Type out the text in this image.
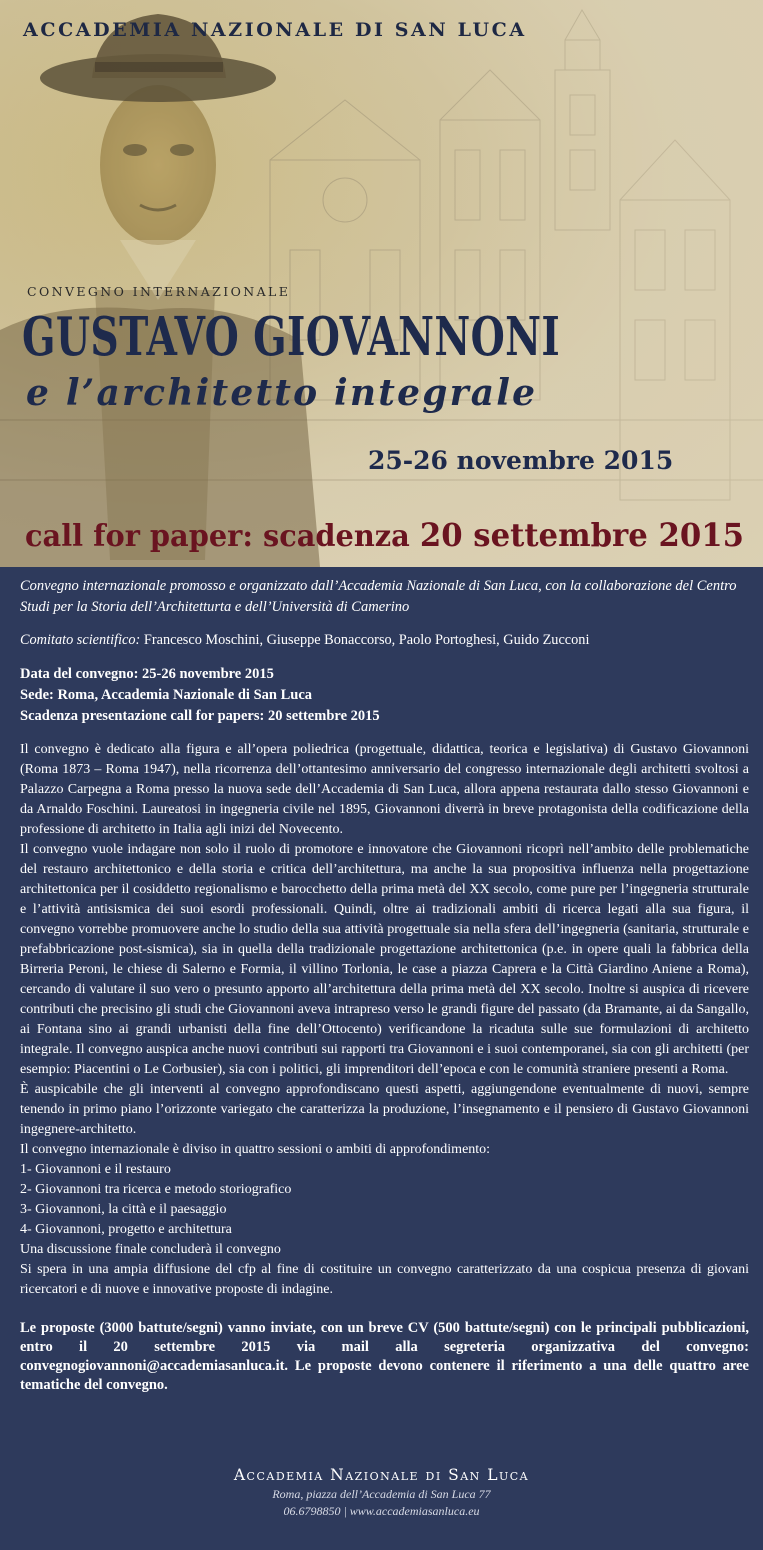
ACCADEMIA NAZIONALE DI SAN LUCA

CONVEGNO INTERNAZIONALE

GUSTAVO GIOVANNONI
e l’architetto integrale

25-26 novembre 2015

call for paper: scadenza 20 settembre 2015

Convegno internazionale promosso e organizzato dall’Accademia Nazionale di San Luca, con la collaborazione del Centro Studi per la Storia dell’Architetturta e dell’Università di Camerino

Comitato scientifico: Francesco Moschini, Giuseppe Bonaccorso, Paolo Portoghesi, Guido Zucconi

Data del convegno: 25-26 novembre 2015
Sede: Roma, Accademia Nazionale di San Luca
Scadenza presentazione call for papers: 20 settembre 2015

Il convegno è dedicato alla figura e all’opera poliedrica (progettuale, didattica, teorica e legislativa) di Gustavo Giovannoni (Roma 1873 – Roma 1947), nella ricorrenza dell’ottantesimo anniversario del congresso internazionale degli architetti svoltosi a Palazzo Carpegna a Roma presso la nuova sede dell’Accademia di San Luca, allora appena restaurata dallo stesso Giovannoni e da Arnaldo Foschini. Laureatosi in ingegneria civile nel 1895, Giovannoni diverrà in breve protagonista della codificazione della professione di architetto in Italia agli inizi del Novecento.

Il convegno vuole indagare non solo il ruolo di promotore e innovatore che Giovannoni ricoprì nell’ambito delle problematiche del restauro architettonico e della storia e critica dell’architettura, ma anche la sua propositiva influenza nella progettazione architettonica per il cosiddetto regionalismo e barocchetto della prima metà del XX secolo, come pure per l’ingegneria strutturale e l’attività antisismica dei suoi esordi professionali. Quindi, oltre ai tradizionali ambiti di ricerca legati alla sua figura, il convegno vorrebbe promuovere anche lo studio della sua attività progettuale sia nella sfera dell’ingegneria (sanitaria, strutturale e prefabbricazione post-sismica), sia in quella della tradizionale progettazione architettonica (p.e. in opere quali la fabbrica della Birreria Peroni, le chiese di Salerno e Formia, il villino Torlonia, le case a piazza Caprera e la Città Giardino Aniene a Roma), cercando di valutare il suo vero o presunto apporto all’architettura della prima metà del XX secolo. Inoltre si auspica di ricevere contributi che precisino gli studi che Giovannoni aveva intrapreso verso le grandi figure del passato (da Bramante, ai da Sangallo, ai Fontana sino ai grandi urbanisti della fine dell’Ottocento) verificandone la ricaduta sulle sue formulazioni di architetto integrale. Il convegno auspica anche nuovi contributi sui rapporti tra Giovannoni e i suoi contemporanei, sia con gli architetti (per esempio: Piacentini o Le Corbusier), sia con i politici, gli imprenditori dell’epoca e con le comunità straniere presenti a Roma.

È auspicabile che gli interventi al convegno approfondiscano questi aspetti, aggiungendone eventualmente di nuovi, sempre tenendo in primo piano l’orizzonte variegato che caratterizza la produzione, l’insegnamento e il pensiero di Gustavo Giovannoni ingegnere-architetto.

Il convegno internazionale è diviso in quattro sessioni o ambiti di approfondimento:

1- Giovannoni e il restauro

2- Giovannoni tra ricerca e metodo storiografico

3- Giovannoni, la città e il paesaggio

4- Giovannoni, progetto e architettura

Una discussione finale concluderà il convegno

Si spera in una ampia diffusione del cfp al fine di costituire un convegno caratterizzato da una cospicua presenza di giovani ricercatori e di nuove e innovative proposte di indagine.

Le proposte (3000 battute/segni) vanno inviate, con un breve CV (500 battute/segni) con le principali pubblicazioni, entro il 20 settembre 2015 via mail alla segreteria organizzativa del convegno: convegnogiovannoni@accademiasanluca.it. Le proposte devono contenere il riferimento a una delle quattro aree tematiche del convegno.

Accademia Nazionale di San Luca

Roma, piazza dell’Accademia di San Luca 77

06.6798850 | www.accademiasanluca.eu
